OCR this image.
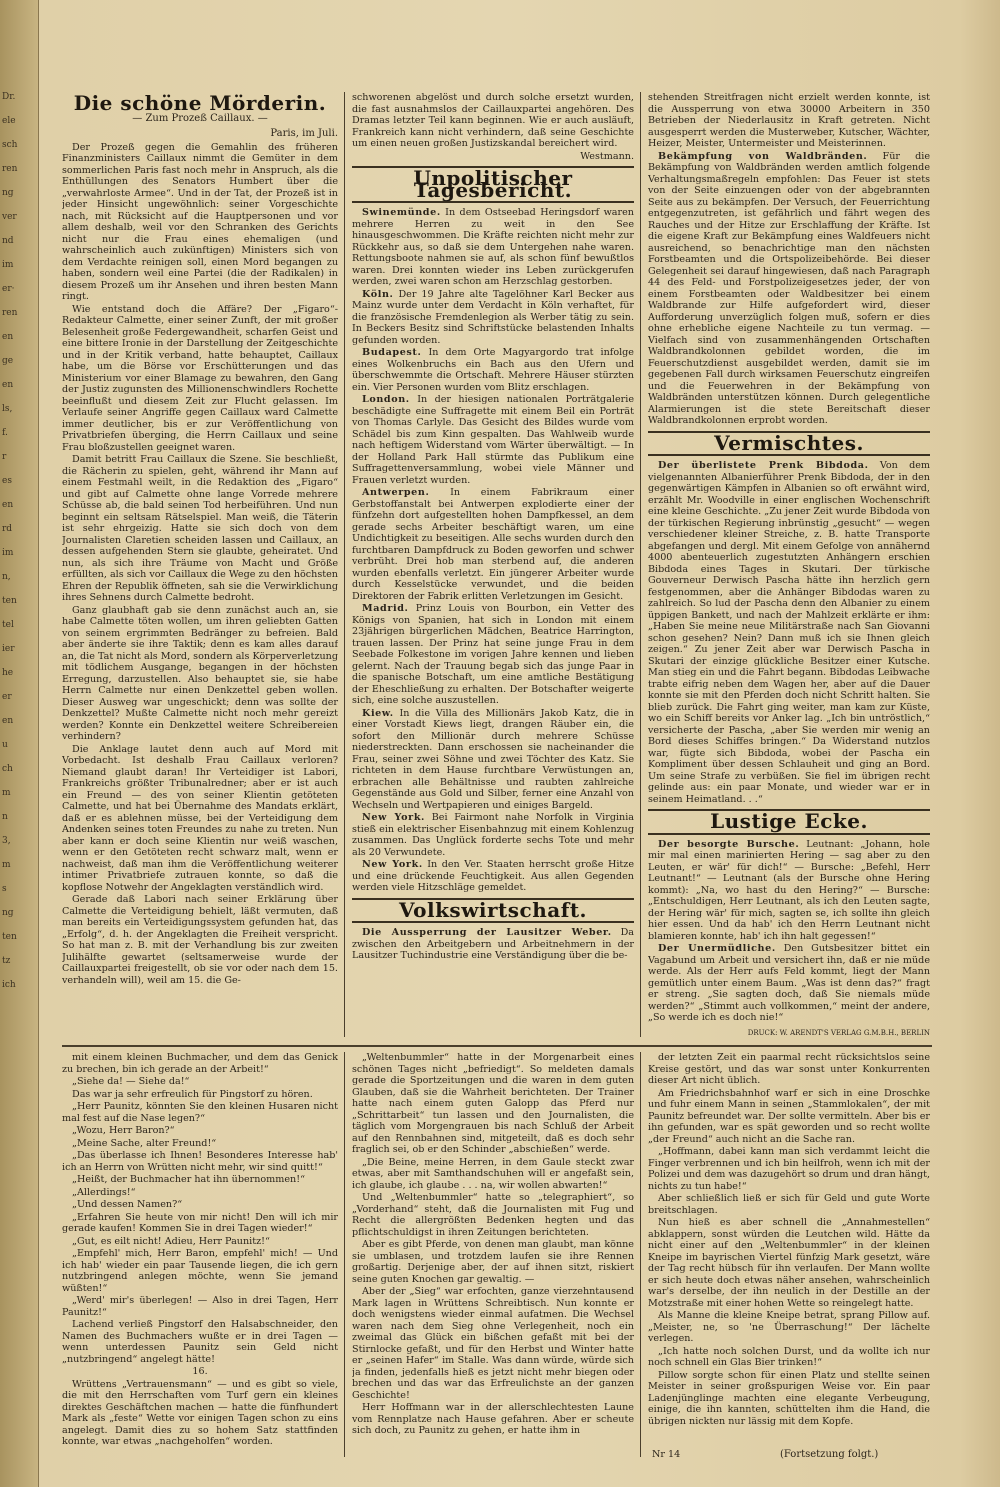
Dr.
ele
sch
ren
ng
ver
nd
im
er·
ren
en
ge
en
ls,
f.
r
es
en
rd
im
n,
ten
tel
ier
he
er
en
u
ch
m
n
3,
m
s
ng
ten
tz
ich
Die schöne Mörderin.
— Zum Prozeß Caillaux. —
Paris, im Juli.

Der Prozeß gegen die Gemahlin des früheren Finanzministers Caillaux nimmt die Gemüter in dem sommerlichen Paris fast noch mehr in Anspruch, als die Enthüllungen des Senators Humbert über die „verwahrloste Armee“. Und in der Tat, der Prozeß ist in jeder Hinsicht ungewöhnlich: seiner Vorgeschichte nach, mit Rücksicht auf die Hauptpersonen und vor allem deshalb, weil vor den Schranken des Gerichts nicht nur die Frau eines ehemaligen (und wahrscheinlich auch zukünftigen) Ministers sich von dem Verdachte reinigen soll, einen Mord begangen zu haben, sondern weil eine Partei (die der Radikalen) in diesem Prozeß um ihr Ansehen und ihren besten Mann ringt.

Wie entstand doch die Affäre? Der „Figaro“-Redakteur Calmette, einer seiner Zunft, der mit großer Belesenheit große Federgewandheit, scharfen Geist und eine bittere Ironie in der Darstellung der Zeitgeschichte und in der Kritik verband, hatte behauptet, Caillaux habe, um die Börse vor Erschütterungen und das Ministerium vor einer Blamage zu bewahren, den Gang der Justiz zugunsten des Millionenschwindlers Rochette beeinflußt und diesem Zeit zur Flucht gelassen. Im Verlaufe seiner Angriffe gegen Caillaux ward Calmette immer deutlicher, bis er zur Veröffentlichung von Privatbriefen überging, die Herrn Caillaux und seine Frau bloßzustellen geeignet waren.

Damit betritt Frau Caillaux die Szene. Sie beschließt, die Rächerin zu spielen, geht, während ihr Mann auf einem Festmahl weilt, in die Redaktion des „Figaro“ und gibt auf Calmette ohne lange Vorrede mehrere Schüsse ab, die bald seinen Tod herbeiführen. Und nun beginnt ein seltsam Rätselspiel. Man weiß, die Täterin ist sehr ehrgeizig. Hatte sie sich doch von dem Journalisten Claretien scheiden lassen und Caillaux, an dessen aufgehenden Stern sie glaubte, geheiratet. Und nun, als sich ihre Träume von Macht und Größe erfüllten, als sich vor Caillaux die Wege zu den höchsten Ehren der Republik öffneten, sah sie die Verwirklichung ihres Sehnens durch Calmette bedroht.

Ganz glaubhaft gab sie denn zunächst auch an, sie habe Calmette töten wollen, um ihren geliebten Gatten von seinem ergrimmten Bedränger zu befreien. Bald aber änderte sie ihre Taktik; denn es kam alles darauf an, die Tat nicht als Mord, sondern als Körperverletzung mit tödlichem Ausgange, begangen in der höchsten Erregung, darzustellen. Also behauptet sie, sie habe Herrn Calmette nur einen Denkzettel geben wollen. Dieser Ausweg war ungeschickt; denn was sollte der Denkzettel? Mußte Calmette nicht noch mehr gereizt werden? Konnte ein Denkzettel weitere Schreibereien verhindern?

Die Anklage lautet denn auch auf Mord mit Vorbedacht. Ist deshalb Frau Caillaux verloren? Niemand glaubt daran! Ihr Verteidiger ist Labori, Frankreichs größter Tribunalredner; aber er ist auch ein Freund — des von seiner Klientin getöteten Calmette, und hat bei Übernahme des Mandats erklärt, daß er es ablehnen müsse, bei der Verteidigung dem Andenken seines toten Freundes zu nahe zu treten. Nun aber kann er doch seine Klientin nur weiß waschen, wenn er den Getöteten recht schwarz malt, wenn er nachweist, daß man ihm die Veröffentlichung weiterer intimer Privatbriefe zutrauen konnte, so daß die kopflose Notwehr der Angeklagten verständlich wird.

Gerade daß Labori nach seiner Erklärung über Calmette die Verteidigung behielt, läßt vermuten, daß man bereits ein Verteidigungssystem gefunden hat, das „Erfolg“, d. h. der Angeklagten die Freiheit verspricht. So hat man z. B. mit der Verhandlung bis zur zweiten Julihälfte gewartet (seltsamerweise wurde der Caillauxpartei freigestellt, ob sie vor oder nach dem 15. verhandeln will), weil am 15. die Ge-

schworenen abgelöst und durch solche ersetzt wurden, die fast ausnahmslos der Caillauxpartei angehören. Des Dramas letzter Teil kann beginnen. Wie er auch ausläuft, Frankreich kann nicht verhindern, daß seine Geschichte um einen neuen großen Justizskandal bereichert wird.

Westmann.
Unpolitischer Tagesbericht.

Swinemünde. In dem Ostseebad Heringsdorf waren mehrere Herren zu weit in den See hinausgeschwommen. Die Kräfte reichten nicht mehr zur Rückkehr aus, so daß sie dem Untergehen nahe waren. Rettungsboote nahmen sie auf, als schon fünf bewußtlos waren. Drei konnten wieder ins Leben zurückgerufen werden, zwei waren schon am Herzschlag gestorben.

Köln. Der 19 Jahre alte Tagelöhner Karl Becker aus Mainz wurde unter dem Verdacht in Köln verhaftet, für die französische Fremdenlegion als Werber tätig zu sein. In Beckers Besitz sind Schriftstücke belastenden Inhalts gefunden worden.

Budapest. In dem Orte Magyargordo trat infolge eines Wolkenbruchs ein Bach aus den Ufern und überschwemmte die Ortschaft. Mehrere Häuser stürzten ein. Vier Personen wurden vom Blitz erschlagen.

London. In der hiesigen nationalen Porträtgalerie beschädigte eine Suffragette mit einem Beil ein Porträt von Thomas Carlyle. Das Gesicht des Bildes wurde vom Schädel bis zum Kinn gespalten. Das Wahlweib wurde nach heftigem Widerstand vom Wärter überwältigt. — In der Holland Park Hall stürmte das Publikum eine Suffragettenversammlung, wobei viele Männer und Frauen verletzt wurden.

Antwerpen. In einem Fabrikraum einer Gerbstoffanstalt bei Antwerpen explodierte einer der fünfzehn dort aufgestellten hohen Dampfkessel, an dem gerade sechs Arbeiter beschäftigt waren, um eine Undichtigkeit zu beseitigen. Alle sechs wurden durch den furchtbaren Dampfdruck zu Boden geworfen und schwer verbrüht. Drei hob man sterbend auf, die anderen wurden ebenfalls verletzt. Ein jüngerer Arbeiter wurde durch Kesselstücke verwundet, und die beiden Direktoren der Fabrik erlitten Verletzungen im Gesicht.

Madrid. Prinz Louis von Bourbon, ein Vetter des Königs von Spanien, hat sich in London mit einem 23jährigen bürgerlichen Mädchen, Beatrice Harrington, trauen lassen. Der Prinz hat seine junge Frau in dem Seebade Folkestone im vorigen Jahre kennen und lieben gelernt. Nach der Trauung begab sich das junge Paar in die spanische Botschaft, um eine amtliche Bestätigung der Eheschließung zu erhalten. Der Botschafter weigerte sich, eine solche auszustellen.

Kiew. In die Villa des Millionärs Jakob Katz, die in einer Vorstadt Kiews liegt, drangen Räuber ein, die sofort den Millionär durch mehrere Schüsse niederstreckten. Dann erschossen sie nacheinander die Frau, seiner zwei Söhne und zwei Töchter des Katz. Sie richteten in dem Hause furchtbare Verwüstungen an, erbrachen alle Behältnisse und raubten zahlreiche Gegenstände aus Gold und Silber, ferner eine Anzahl von Wechseln und Wertpapieren und einiges Bargeld.

New York. Bei Fairmont nahe Norfolk in Virginia stieß ein elektrischer Eisenbahnzug mit einem Kohlenzug zusammen. Das Unglück forderte sechs Tote und mehr als 20 Verwundete.

New York. In den Ver. Staaten herrscht große Hitze und eine drückende Feuchtigkeit. Aus allen Gegenden werden viele Hitzschläge gemeldet.

Volkswirtschaft.

Die Aussperrung der Lausitzer Weber. Da zwischen den Arbeitgebern und Arbeitnehmern in der Lausitzer Tuchindustrie eine Verständigung über die be-

stehenden Streitfragen nicht erzielt werden konnte, ist die Aussperrung von etwa 30000 Arbeitern in 350 Betrieben der Niederlausitz in Kraft getreten. Nicht ausgesperrt werden die Musterweber, Kutscher, Wächter, Heizer, Meister, Untermeister und Meisterinnen.

Bekämpfung von Waldbränden. Für die Bekämpfung von Waldbränden werden amtlich folgende Verhaltungsmaßregeln empfohlen: Das Feuer ist stets von der Seite einzuengen oder von der abgebrannten Seite aus zu bekämpfen. Der Versuch, der Feuerrichtung entgegenzutreten, ist gefährlich und fährt wegen des Rauches und der Hitze zur Erschlaffung der Kräfte. Ist die eigene Kraft zur Bekämpfung eines Waldfeuers nicht ausreichend, so benachrichtige man den nächsten Forstbeamten und die Ortspolizeibehörde. Bei dieser Gelegenheit sei darauf hingewiesen, daß nach Paragraph 44 des Feld- und Forstpolizeigesetzes jeder, der von einem Forstbeamten oder Waldbesitzer bei einem Waldbrande zur Hilfe aufgefordert wird, dieser Aufforderung unverzüglich folgen muß, sofern er dies ohne erhebliche eigene Nachteile zu tun vermag. — Vielfach sind von zusammenhängenden Ortschaften Waldbrandkolonnen gebildet worden, die im Feuerschutzdienst ausgebildet werden, damit sie im gegebenen Fall durch wirksamen Feuerschutz eingreifen und die Feuerwehren in der Bekämpfung von Waldbränden unterstützen können. Durch gelegentliche Alarmierungen ist die stete Bereitschaft dieser Waldbrandkolonnen erprobt worden.

Vermischtes.

Der überlistete Prenk Bibdoda. Von dem vielgenannten Albanierführer Prenk Bibdoda, der in den gegenwärtigen Kämpfen in Albanien so oft erwähnt wird, erzählt Mr. Woodville in einer englischen Wochenschrift eine kleine Geschichte. „Zu jener Zeit wurde Bibdoda von der türkischen Regierung inbrünstig „gesucht“ — wegen verschiedener kleiner Streiche, z. B. hatte Transporte abgefangen und dergl. Mit einem Gefolge von annähernd 4000 abenteuerlich zugestutzten Anhängern erschien Bibdoda eines Tages in Skutari. Der türkische Gouverneur Derwisch Pascha hätte ihn herzlich gern festgenommen, aber die Anhänger Bibdodas waren zu zahlreich. So lud der Pascha denn den Albanier zu einem üppigen Bankett, und nach der Mahlzeit erklärte er ihm: „Haben Sie meine neue Militärstraße nach San Giovanni schon gesehen? Nein? Dann muß ich sie Ihnen gleich zeigen.“ Zu jener Zeit aber war Derwisch Pascha in Skutari der einzige glückliche Besitzer einer Kutsche. Man stieg ein und die Fahrt begann. Bibdodas Leibwache trabte eifrig neben dem Wagen her, aber auf die Dauer konnte sie mit den Pferden doch nicht Schritt halten. Sie blieb zurück. Die Fahrt ging weiter, man kam zur Küste, wo ein Schiff bereits vor Anker lag. „Ich bin untröstlich,“ versicherte der Pascha, „aber Sie werden mir wenig an Bord dieses Schiffes bringen.“ Da Widerstand nutzlos war, fügte sich Bibdoda, wobei der Pascha ein Kompliment über dessen Schlauheit und ging an Bord. Um seine Strafe zu verbüßen. Sie fiel im übrigen recht gelinde aus: ein paar Monate, und wieder war er in seinem Heimatland. . .“

Lustige Ecke.

Der besorgte Bursche. Leutnant: „Johann, hole mir mal einen marinierten Hering — sag aber zu den Leuten, er wär' für dich!“ — Bursche: „Befehl, Herr Leutnant!“ — Leutnant (als der Bursche ohne Hering kommt): „Na, wo hast du den Hering?“ — Bursche: „Entschuldigen, Herr Leutnant, als ich den Leuten sagte, der Hering wär' für mich, sagten se, ich sollte ihn gleich hier essen. Und da hab' ich den Herrn Leutnant nicht blamieren konnte, hab' ich ihn halt gegessen!“

Der Unermüdliche. Den Gutsbesitzer bittet ein Vagabund um Arbeit und versichert ihn, daß er nie müde werde. Als der Herr aufs Feld kommt, liegt der Mann gemütlich unter einem Baum. „Was ist denn das?“ fragt er streng. „Sie sagten doch, daß Sie niemals müde werden?“ „Stimmt auch vollkommen,“ meint der andere, „So werde ich es doch nie!“

DRUCK: W. ARENDT'S VERLAG G.M.B.H., BERLIN

mit einem kleinen Buchmacher, und dem das Genick zu brechen, bin ich gerade an der Arbeit!“

„Siehe da! — Siehe da!“

Das war ja sehr erfreulich für Pingstorf zu hören.

„Herr Paunitz, könnten Sie den kleinen Husaren nicht mal fest auf die Nase legen?“

„Wozu, Herr Baron?“

„Meine Sache, alter Freund!“

„Das überlasse ich Ihnen! Besonderes Interesse hab' ich an Herrn von Wrütten nicht mehr, wir sind quitt!“

„Heißt, der Buchmacher hat ihn übernommen!“

„Allerdings!“

„Und dessen Namen?“

„Erfahren Sie heute von mir nicht! Den will ich mir gerade kaufen! Kommen Sie in drei Tagen wieder!“

„Gut, es eilt nicht! Adieu, Herr Paunitz!“

„Empfehl' mich, Herr Baron, empfehl' mich! — Und ich hab' wieder ein paar Tausende liegen, die ich gern nutzbringend anlegen möchte, wenn Sie jemand wüßten!“

„Werd' mir's überlegen! — Also in drei Tagen, Herr Paunitz!“

Lachend verließ Pingstorf den Halsabschneider, den Namen des Buchmachers wußte er in drei Tagen — wenn unterdessen Paunitz sein Geld nicht „nutzbringend“ angelegt hätte!

16.

Wrüttens „Vertrauensmann“ — und es gibt so viele, die mit den Herrschaften vom Turf gern ein kleines direktes Geschäftchen machen — hatte die fünfhundert Mark als „feste“ Wette vor einigen Tagen schon zu eins angelegt. Damit dies zu so hohem Satz stattfinden konnte, war etwas „nachgeholfen“ worden.

„Weltenbummler“ hatte in der Morgenarbeit eines schönen Tages nicht „befriedigt“. So meldeten damals gerade die Sportzeitungen und die waren in dem guten Glauben, daß sie die Wahrheit berichteten. Der Trainer hatte nach einem guten Galopp das Pferd nur „Schrittarbeit“ tun lassen und den Journalisten, die täglich vom Morgengrauen bis nach Schluß der Arbeit auf den Rennbahnen sind, mitgeteilt, daß es doch sehr fraglich sei, ob er den Schinder „abschießen“ werde.

„Die Beine, meine Herren, in dem Gaule steckt zwar etwas, aber mit Samthandschuhen will er angefaßt sein, ich glaube, ich glaube . . . na, wir wollen abwarten!“

Und „Weltenbummler“ hatte so „telegraphiert“, so „Vorderhand“ steht, daß die Journalisten mit Fug und Recht die allergrößten Bedenken hegten und das pflichtschuldigst in ihren Zeitungen berichteten.

Aber es gibt Pferde, von denen man glaubt, man könne sie umblasen, und trotzdem laufen sie ihre Rennen großartig. Derjenige aber, der auf ihnen sitzt, riskiert seine guten Knochen gar gewaltig. —

Aber der „Sieg“ war erfochten, ganze vierzehntausend Mark lagen in Wrüttens Schreibtisch. Nun konnte er doch wenigstens wieder einmal aufatmen. Die Wechsel waren nach dem Sieg ohne Verlegenheit, noch ein zweimal das Glück ein bißchen gefaßt mit bei der Stirnlocke gefaßt, und für den Herbst und Winter hatte er „seinen Hafer“ im Stalle. Was dann würde, würde sich ja finden, jedenfalls hieß es jetzt nicht mehr biegen oder brechen und das war das Erfreulichste an der ganzen Geschichte!

Herr Hoffmann war in der allerschlechtesten Laune vom Rennplatze nach Hause gefahren. Aber er scheute sich doch, zu Paunitz zu gehen, er hatte ihm in

der letzten Zeit ein paarmal recht rücksichtslos seine Kreise gestört, und das war sonst unter Konkurrenten dieser Art nicht üblich.

Am Friedrichsbahnhof warf er sich in eine Droschke und fuhr einem Mann in seinen „Stammlokalen“, der mit Paunitz befreundet war. Der sollte vermitteln. Aber bis er ihn gefunden, war es spät geworden und so recht wollte „der Freund“ auch nicht an die Sache ran.

„Hoffmann, dabei kann man sich verdammt leicht die Finger verbrennen und ich bin heilfroh, wenn ich mit der Polizei und dem was dazugehört so drum und dran hängt, nichts zu tun habe!“

Aber schließlich ließ er sich für Geld und gute Worte breitschlagen.

Nun hieß es aber schnell die „Annahmestellen“ abklappern, sonst würden die Leutchen wild. Hätte da nicht einer auf den „Weltenbummler“ in der kleinen Kneipe im bayrischen Viertel fünfzig Mark gesetzt, wäre der Tag recht hübsch für ihn verlaufen. Der Mann wollte er sich heute doch etwas näher ansehen, wahrscheinlich war's derselbe, der ihn neulich in der Destille an der Motzstraße mit einer hohen Wette so reingelegt hatte.

Als Manne die kleine Kneipe betrat, sprang Pillow auf. „Meister, ne, so 'ne Überraschung!“ Der lächelte verlegen.

„Ich hatte noch solchen Durst, und da wollte ich nur noch schnell ein Glas Bier trinken!“

Pillow sorgte schon für einen Platz und stellte seinen Meister in seiner großspurigen Weise vor. Ein paar Ladenjünglinge machten eine elegante Verbeugung, einige, die ihn kannten, schüttelten ihm die Hand, die übrigen nickten nur lässig mit dem Kopfe.

Nr 14	(Fortsetzung folgt.)
